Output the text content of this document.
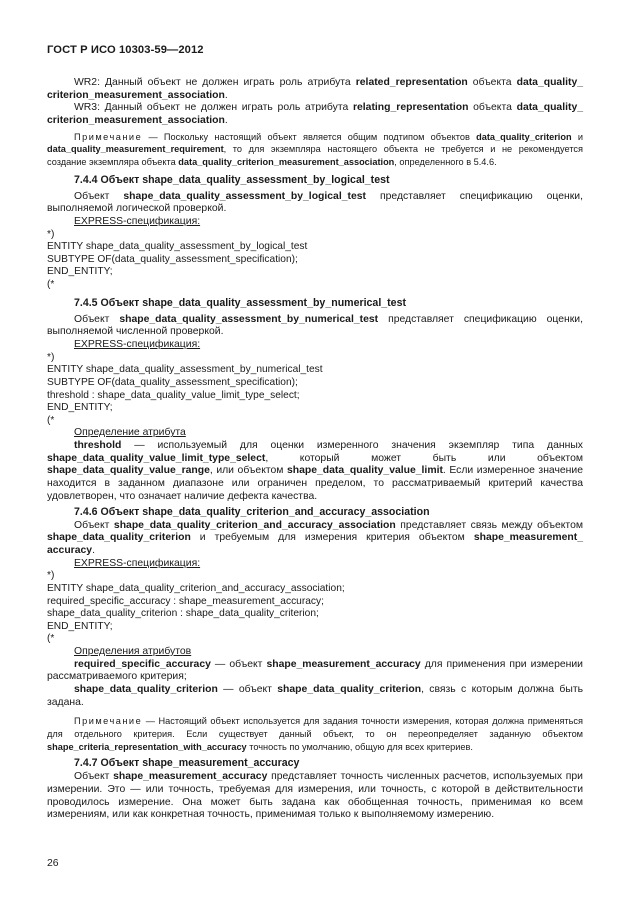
ГОСТ Р ИСО 10303-59—2012

WR2: Данный объект не должен играть роль атрибута related_representation объекта data_quality_ criterion_measurement_association.

WR3: Данный объект не должен играть роль атрибута relating_representation объекта data_quality_ criterion_measurement_association.

Примечание — Поскольку настоящий объект является общим подтипом объектов data_quality_criterion и data_quality_measurement_requirement, то для экземпляра настоящего объекта не требуется и не рекомендуется создание экземпляра объекта data_quality_criterion_measurement_association, определенного в 5.4.6.

7.4.4 Объект shape_data_quality_assessment_by_logical_test

Объект shape_data_quality_assessment_by_logical_test представляет спецификацию оценки, выполняемой логической проверкой.

EXPRESS-спецификация:

*)
ENTITY shape_data_quality_assessment_by_logical_test
SUBTYPE OF(data_quality_assessment_specification);
END_ENTITY;
(*
7.4.5 Объект shape_data_quality_assessment_by_numerical_test

Объект shape_data_quality_assessment_by_numerical_test представляет спецификацию оценки, выполняемой численной проверкой.

EXPRESS-спецификация:

*)
ENTITY shape_data_quality_assessment_by_numerical_test
SUBTYPE OF(data_quality_assessment_specification);
threshold : shape_data_quality_value_limit_type_select;
END_ENTITY;
(*

Определение атрибута

threshold — используемый для оценки измеренного значения экземпляр типа данных shape_data_quality_value_limit_type_select, который может быть или объектом shape_data_quality_value_range, или объектом shape_data_quality_value_limit. Если измеренное значение находится в заданном диапазоне или ограничен пределом, то рассматриваемый критерий качества удовлетворен, что означает наличие дефекта качества.

7.4.6 Объект shape_data_quality_criterion_and_accuracy_association

Объект shape_data_quality_criterion_and_accuracy_association представляет связь между объектом shape_data_quality_criterion и требуемым для измерения критерия объектом shape_measurement_ accuracy.

EXPRESS-спецификация:

*)
ENTITY shape_data_quality_criterion_and_accuracy_association;
required_specific_accuracy : shape_measurement_accuracy;
shape_data_quality_criterion : shape_data_quality_criterion;
END_ENTITY;
(*

Определения атрибутов

required_specific_accuracy — объект shape_measurement_accuracy для применения при измерении рассматриваемого критерия;

shape_data_quality_criterion — объект shape_data_quality_criterion, связь с которым должна быть задана.

Примечание — Настоящий объект используется для задания точности измерения, которая должна применяться для отдельного критерия. Если существует данный объект, то он переопределяет заданную объектом shape_criteria_representation_with_accuracy точность по умолчанию, общую для всех критериев.

7.4.7 Объект shape_measurement_accuracy

Объект shape_measurement_accuracy представляет точность численных расчетов, используемых при измерении. Это — или точность, требуемая для измерения, или точность, с которой в действительности проводилось измерение. Она может быть задана как обобщенная точность, применимая ко всем измерениям, или как конкретная точность, применимая только к выполняемому измерению.

26
